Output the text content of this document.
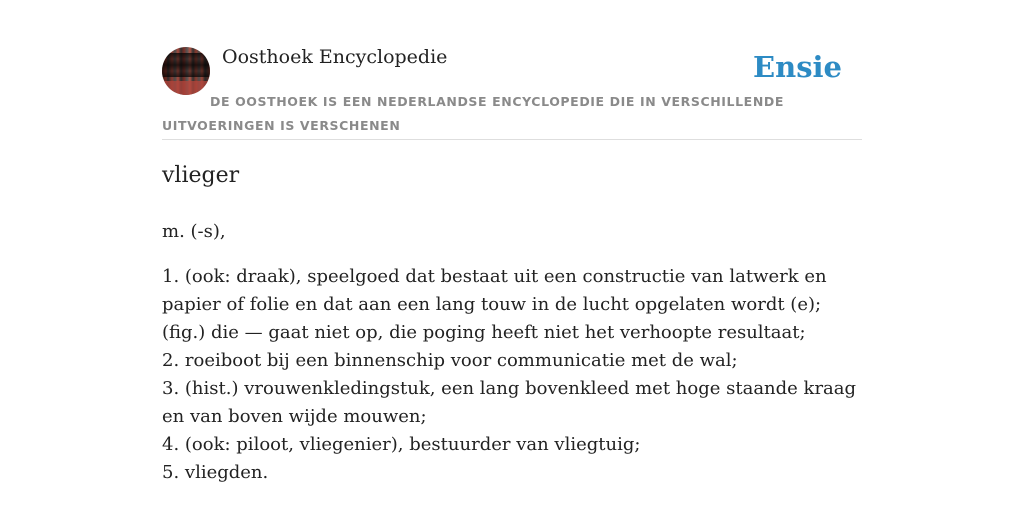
Oosthoek Encyclopedie	Ensie
DE OOSTHOEK IS EEN NEDERLANDSE ENCYCLOPEDIE DIE IN VERSCHILLENDE UITVOERINGEN IS VERSCHENEN
vlieger
m. (-s),
1. (ook: draak), speelgoed dat bestaat uit een constructie van latwerk en papier of folie en dat aan een lang touw in de lucht opgelaten wordt (e); (fig.) die — gaat niet op, die poging heeft niet het verhoopte resultaat;
2. roeiboot bij een binnenschip voor communicatie met de wal;
3. (hist.) vrouwenkledingstuk, een lang bovenkleed met hoge staande kraag en van boven wijde mouwen;
4. (ook: piloot, vliegenier), bestuurder van vliegtuig;
5. vliegden.
